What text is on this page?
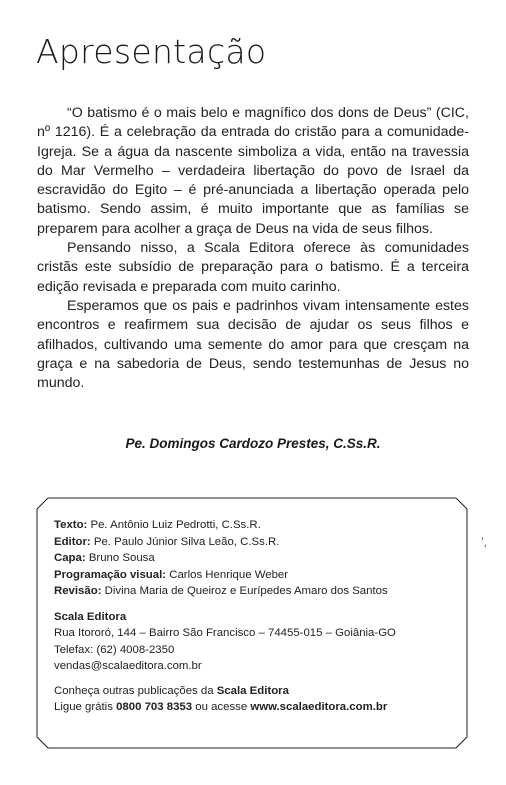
Apresentação

“O batismo é o mais belo e magnífico dos dons de Deus” (CIC, nº 1216). É a celebração da entrada do cristão para a comunidade-Igreja. Se a água da nascente simboliza a vida, então na travessia do Mar Vermelho – verdadeira libertação do povo de Israel da escravidão do Egito – é pré-anunciada a libertação operada pelo batismo. Sendo assim, é muito importante que as famílias se preparem para acolher a graça de Deus na vida de seus filhos.

Pensando nisso, a Scala Editora oferece às comunidades cristãs este subsídio de preparação para o batismo. É a terceira edição revisada e preparada com muito carinho.

Esperamos que os pais e padrinhos vivam intensamente estes encontros e reafirmem sua decisão de ajudar os seus filhos e afilhados, cultivando uma semente do amor para que cresçam na graça e na sabedoria de Deus, sendo testemunhas de Jesus no mundo.

Pe. Domingos Cardozo Prestes, C.Ss.R.
Texto: Pe. Antônio Luiz Pedrotti, C.Ss.R.
Editor: Pe. Paulo Júnior Silva Leão, C.Ss.R.
Capa: Bruno Sousa
Programação visual: Carlos Henrique Weber
Revisão: Divina Maria de Queiroz e Eurípedes Amaro dos Santos
Scala Editora
Rua Itororó, 144 – Bairro São Francisco – 74455-015 – Goiânia-GO
Telefax: (62) 4008-2350
vendas@scalaeditora.com.br
Conheça outras publicações da Scala Editora
Ligue grátis 0800 703 8353 ou acesse www.scalaeditora.com.br
’,
